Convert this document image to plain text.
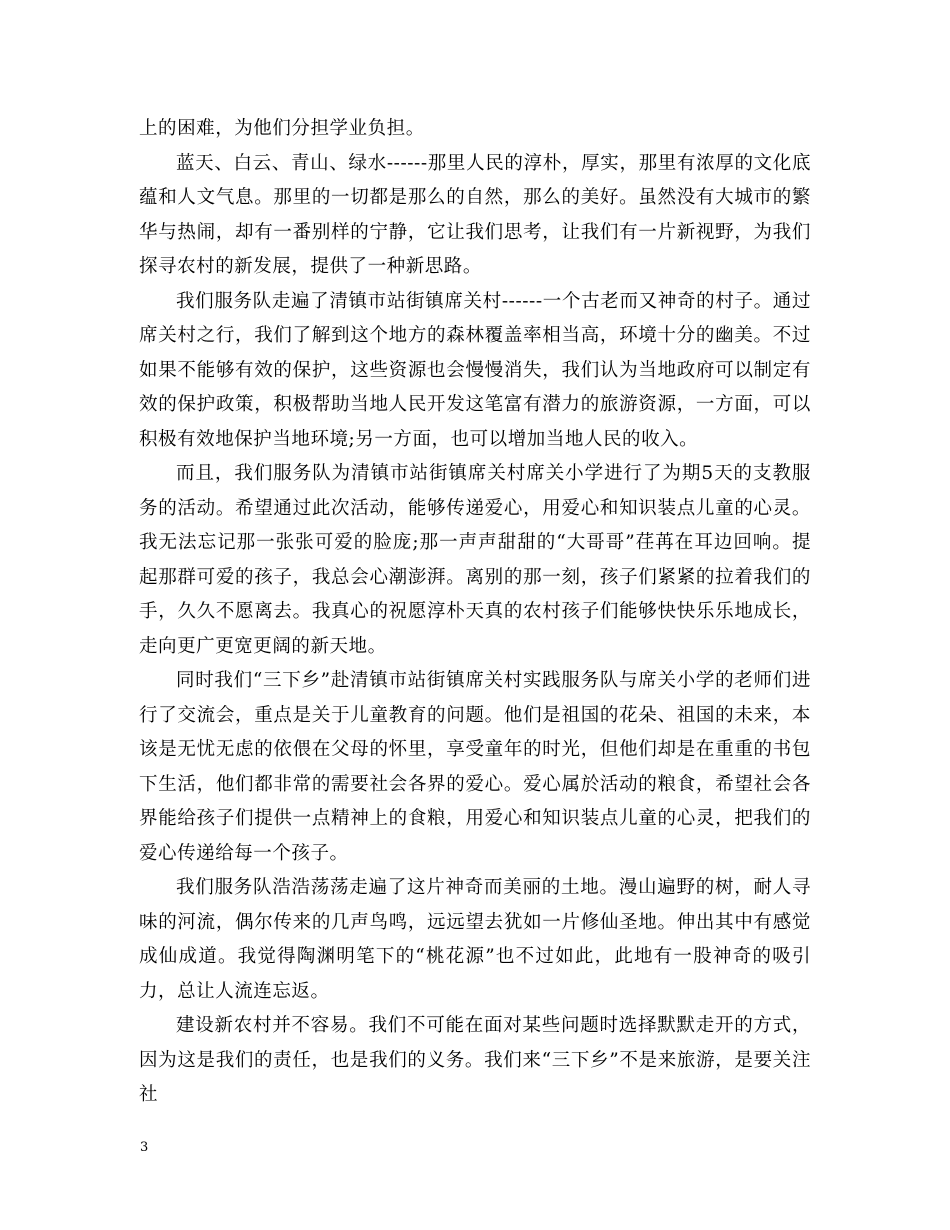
上的困难，为他们分担学业负担。

蓝天、白云、青山、绿水------那里人民的淳朴，厚实，那里有浓厚的文化底蕴和人文气息。那里的一切都是那么的自然，那么的美好。虽然没有大城市的繁华与热闹，却有一番别样的宁静，它让我们思考，让我们有一片新视野，为我们探寻农村的新发展，提供了一种新思路。

我们服务队走遍了清镇市站街镇席关村------一个古老而又神奇的村子。通过席关村之行，我们了解到这个地方的森林覆盖率相当高，环境十分的幽美。不过如果不能够有效的保护，这些资源也会慢慢消失，我们认为当地政府可以制定有效的保护政策，积极帮助当地人民开发这笔富有潜力的旅游资源，一方面，可以积极有效地保护当地环境;另一方面，也可以增加当地人民的收入。

而且，我们服务队为清镇市站街镇席关村席关小学进行了为期5天的支教服务的活动。希望通过此次活动，能够传递爱心，用爱心和知识装点儿童的心灵。我无法忘记那一张张可爱的脸庞;那一声声甜甜的“大哥哥”荏苒在耳边回响。提起那群可爱的孩子，我总会心潮澎湃。离别的那一刻，孩子们紧紧的拉着我们的手，久久不愿离去。我真心的祝愿淳朴天真的农村孩子们能够快快乐乐地成长，走向更广更宽更阔的新天地。

同时我们“三下乡”赴清镇市站街镇席关村实践服务队与席关小学的老师们进行了交流会，重点是关于儿童教育的问题。他们是祖国的花朵、祖国的未来，本该是无忧无虑的依偎在父母的怀里，享受童年的时光，但他们却是在重重的书包下生活，他们都非常的需要社会各界的爱心。爱心属於活动的粮食，希望社会各界能给孩子们提供一点精神上的食粮，用爱心和知识装点儿童的心灵，把我们的爱心传递给每一个孩子。

我们服务队浩浩荡荡走遍了这片神奇而美丽的土地。漫山遍野的树，耐人寻味的河流，偶尔传来的几声鸟鸣，远远望去犹如一片修仙圣地。伸出其中有感觉成仙成道。我觉得陶渊明笔下的“桃花源”也不过如此，此地有一股神奇的吸引力，总让人流连忘返。

建设新农村并不容易。我们不可能在面对某些问题时选择默默走开的方式，因为这是我们的责任，也是我们的义务。我们来“三下乡”不是来旅游，是要关注社

3
